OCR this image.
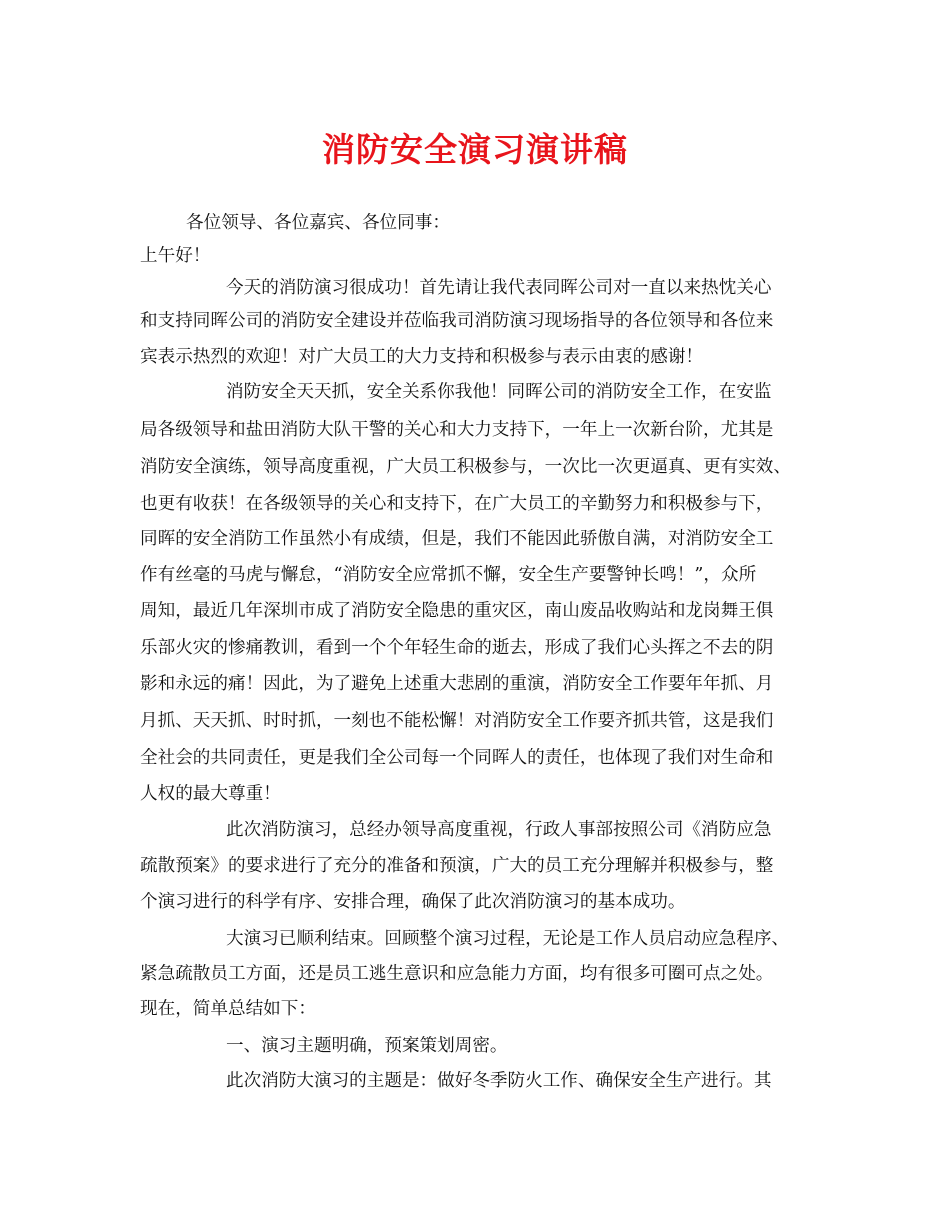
消防安全演习演讲稿

各位领导、各位嘉宾、各位同事：

上午好！

今天的消防演习很成功！首先请让我代表同晖公司对一直以来热忱关心

和支持同晖公司的消防安全建设并莅临我司消防演习现场指导的各位领导和各位来

宾表示热烈的欢迎！对广大员工的大力支持和积极参与表示由衷的感谢！

消防安全天天抓，安全关系你我他！同晖公司的消防安全工作，在安监

局各级领导和盐田消防大队干警的关心和大力支持下，一年上一次新台阶，尤其是

消防安全演练，领导高度重视，广大员工积极参与，一次比一次更逼真、更有实效、

也更有收获！在各级领导的关心和支持下，在广大员工的辛勤努力和积极参与下，

同晖的安全消防工作虽然小有成绩，但是，我们不能因此骄傲自满，对消防安全工

作有丝毫的马虎与懈怠，“消防安全应常抓不懈，安全生产要警钟长鸣！”，众所

周知，最近几年深圳市成了消防安全隐患的重灾区，南山废品收购站和龙岗舞王俱

乐部火灾的惨痛教训，看到一个个年轻生命的逝去，形成了我们心头挥之不去的阴

影和永远的痛！因此，为了避免上述重大悲剧的重演，消防安全工作要年年抓、月

月抓、天天抓、时时抓，一刻也不能松懈！对消防安全工作要齐抓共管，这是我们

全社会的共同责任，更是我们全公司每一个同晖人的责任，也体现了我们对生命和

人权的最大尊重！

此次消防演习，总经办领导高度重视，行政人事部按照公司《消防应急

疏散预案》的要求进行了充分的准备和预演，广大的员工充分理解并积极参与，整

个演习进行的科学有序、安排合理，确保了此次消防演习的基本成功。

大演习已顺利结束。回顾整个演习过程，无论是工作人员启动应急程序、

紧急疏散员工方面，还是员工逃生意识和应急能力方面，均有很多可圈可点之处。

现在，简单总结如下：

一、演习主题明确，预案策划周密。

此次消防大演习的主题是：做好冬季防火工作、确保安全生产进行。其
